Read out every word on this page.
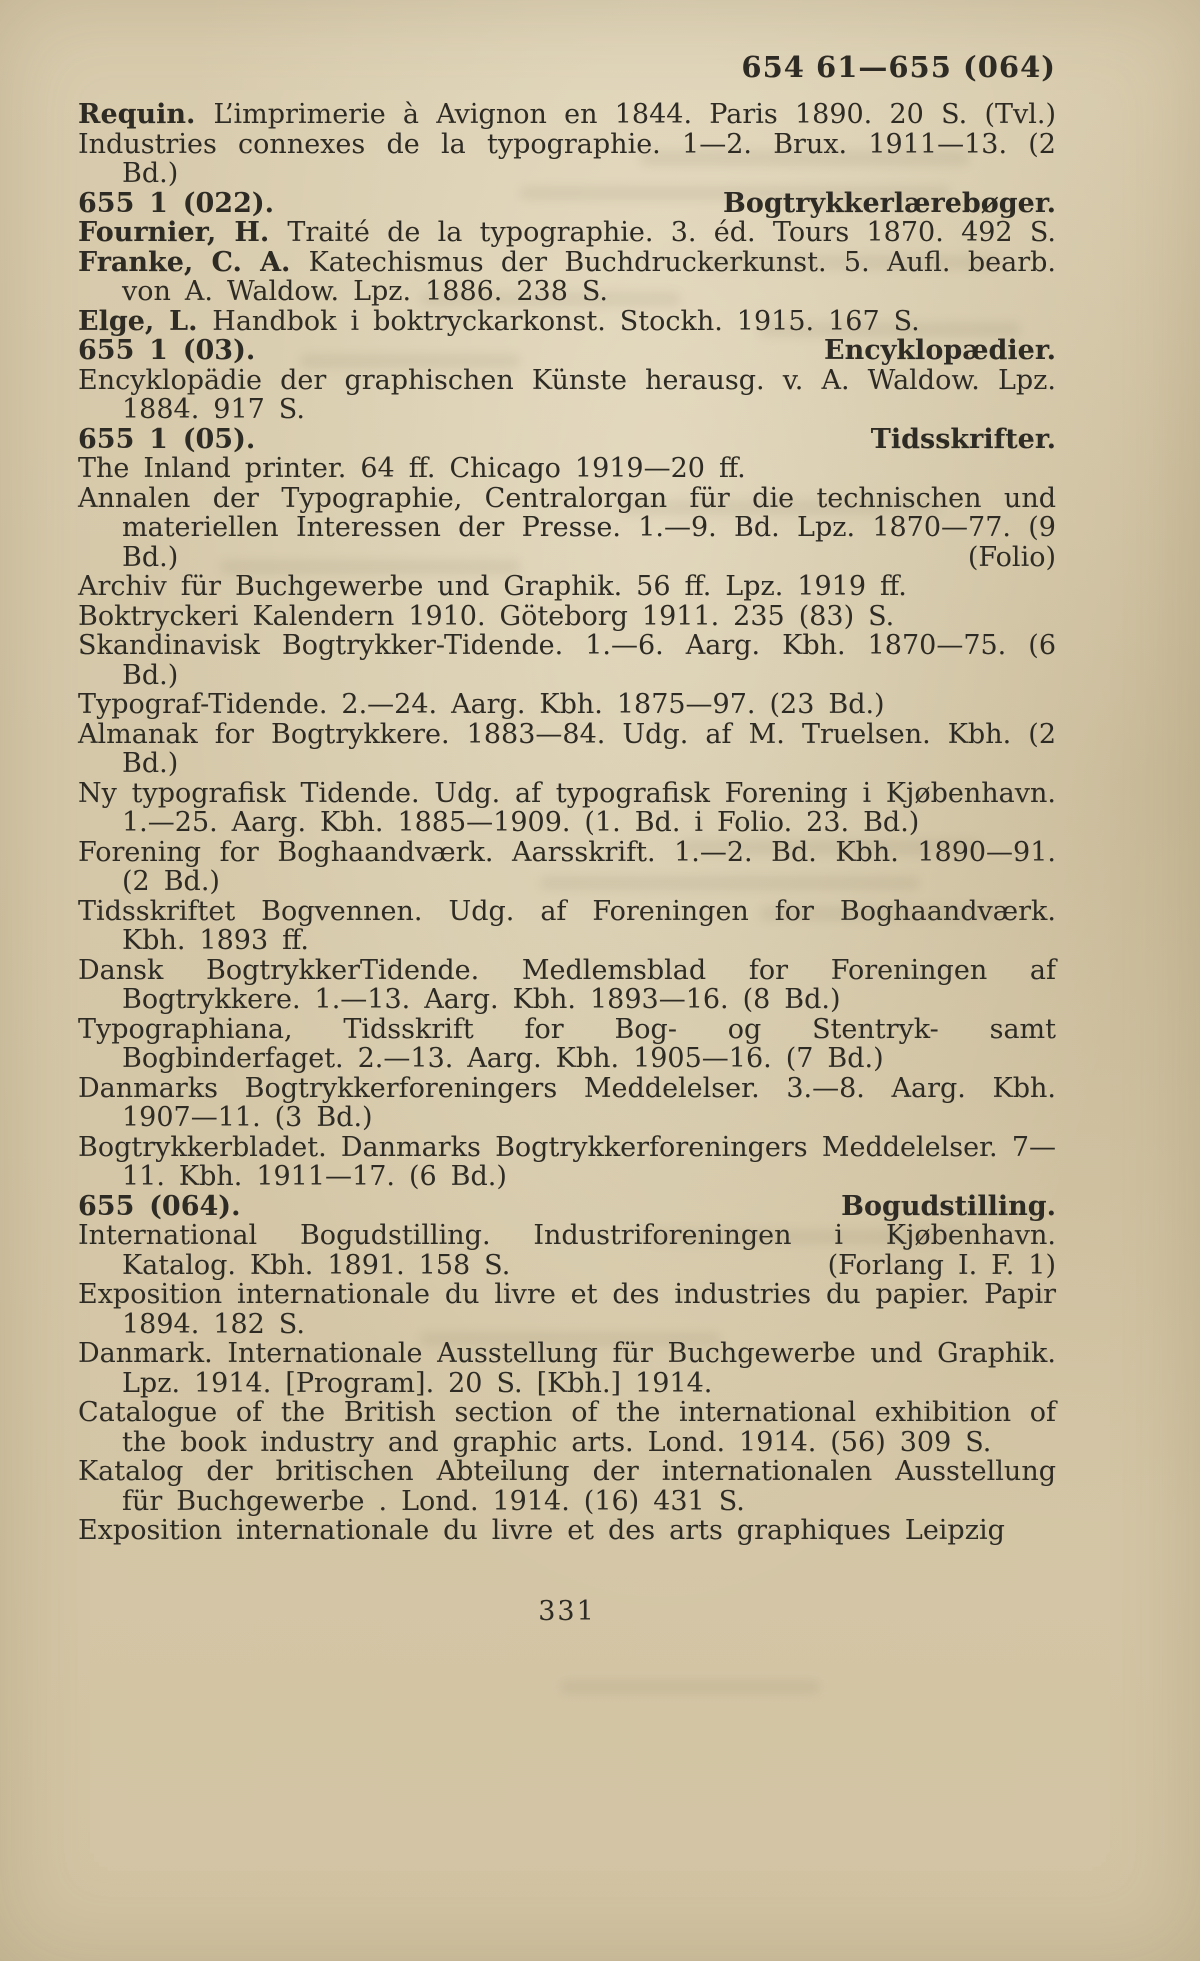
654 61—655 (064)

Requin. L’imprimerie à Avignon en 1844. Paris 1890. 20 S. (Tvl.)

Industries connexes de la typographie. 1—2. Brux. 1911—13. (2 Bd.)

655 1 (022).	Bogtrykkerlærebøger.

Fournier, H. Traité de la typographie. 3. éd. Tours 1870. 492 S.

Franke, C. A. Katechismus der Buchdruckerkunst. 5. Aufl. bearb. von A. Waldow. Lpz. 1886. 238 S.

Elge, L. Handbok i boktryckarkonst. Stockh. 1915. 167 S.

655 1 (03).	Encyklopædier.

Encyklopädie der graphischen Künste herausg. v. A. Waldow. Lpz. 1884. 917 S.

655 1 (05).	Tidsskrifter.

The Inland printer. 64 ff. Chicago 1919—20 ff.

(Folio)
Annalen der Typographie, Centralorgan für die technischen und materiellen Interessen der Presse. 1.—9. Bd. Lpz. 1870—77. (9 Bd.)

Archiv für Buchgewerbe und Graphik. 56 ff. Lpz. 1919 ff.

Boktryckeri Kalendern 1910. Göteborg 1911. 235 (83) S.

Skandinavisk Bogtrykker-Tidende. 1.—6. Aarg. Kbh. 1870—75. (6 Bd.)

Typograf-Tidende. 2.—24. Aarg. Kbh. 1875—97. (23 Bd.)

Almanak for Bogtrykkere. 1883—84. Udg. af M. Truelsen. Kbh. (2 Bd.)

Ny typografisk Tidende. Udg. af typografisk Forening i Kjøbenhavn. 1.—25. Aarg. Kbh. 1885—1909. (1. Bd. i Folio. 23. Bd.)

Forening for Boghaandværk. Aarsskrift. 1.—2. Bd. Kbh. 1890—91. (2 Bd.)

Tidsskriftet Bogvennen. Udg. af Foreningen for Boghaandværk. Kbh. 1893 ff.

Dansk BogtrykkerTidende. Medlemsblad for Foreningen af Bogtrykkere. 1.—13. Aarg. Kbh. 1893—16. (8 Bd.)

Typographiana, Tidsskrift for Bog- og Stentryk- samt Bogbinderfaget. 2.—13. Aarg. Kbh. 1905—16. (7 Bd.)

Danmarks Bogtrykkerforeningers Meddelelser. 3.—8. Aarg. Kbh. 1907—11. (3 Bd.)

Bogtrykkerbladet. Danmarks Bogtrykkerforeningers Meddelelser. 7—11. Kbh. 1911—17. (6 Bd.)

655 (064).	Bogudstilling.

(Forlang I. F. 1)
International Bogudstilling. Industriforeningen i Kjøbenhavn. Katalog. Kbh. 1891. 158 S.

Exposition internationale du livre et des industries du papier. Papir 1894. 182 S.

Danmark. Internationale Ausstellung für Buchgewerbe und Graphik. Lpz. 1914. [Program]. 20 S. [Kbh.] 1914.

Catalogue of the British section of the international exhibition of the book industry and graphic arts. Lond. 1914. (56) 309 S.

Katalog der britischen Abteilung der internationalen Ausstellung für Buchgewerbe . Lond. 1914. (16) 431 S.

Exposition internationale du livre et des arts graphiques Leipzig

331
